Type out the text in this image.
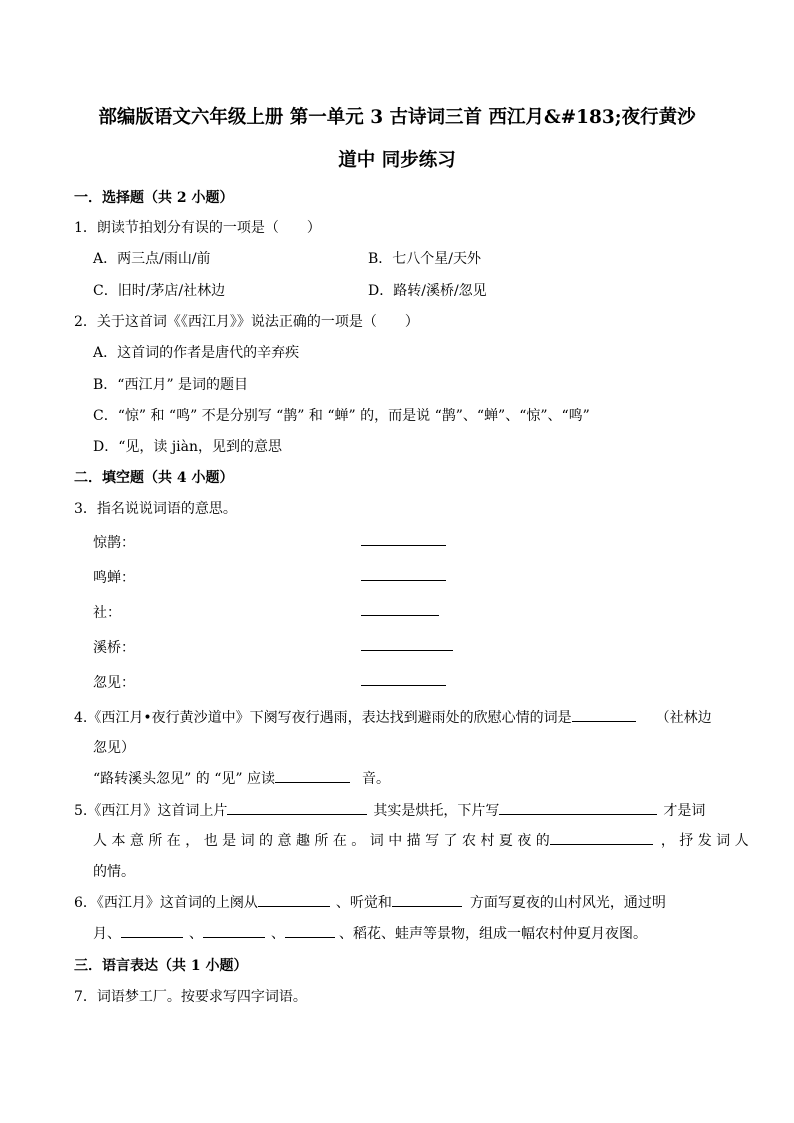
部编版语文六年级上册 第一单元 3 古诗词三首 西江月&#183;夜行黄沙
道中 同步练习
一．选择题（共 2 小题）
1．朗读节拍划分有误的一项是（　　）
A．两三点/雨山/前	B．七八个星/天外
C．旧时/茅店/社林边	D．路转/溪桥/忽见
2．关于这首词《《西江月》》说法正确的一项是（　　）
A．这首词的作者是唐代的辛弃疾
B．“西江月” 是词的题目
C．“惊” 和 “鸣” 不是分别写 “鹊” 和 “蝉” 的，而是说 “鹊”、“蝉”、“惊”、“鸣”
D．“见，读 jiàn，见到的意思
二．填空题（共 4 小题）
3．指名说说词语的意思。
惊鹊：
鸣蝉：
社：
溪桥：
忽见：
4.《西江月•夜行黄沙道中》下阕写夜行遇雨，表达找到避雨处的欣慰心情的词是	（社林边
忽见）
“路转溪头忽见” 的 “见” 应读	音。
5.《西江月》这首词上片	其实是烘托，下片写	才是词
人 本 意 所 在 ， 也 是 词 的 意 趣 所 在 。 词 中 描 写 了 农 村 夏 夜 的	， 抒 发 词 人
的情。
6．《西江月》这首词的上阕从	、听觉和	方面写夏夜的山村风光，通过明
月、	、	、	、稻花、蛙声等景物，组成一幅农村仲夏月夜图。
三．语言表达（共 1 小题）
7．词语梦工厂。按要求写四字词语。
